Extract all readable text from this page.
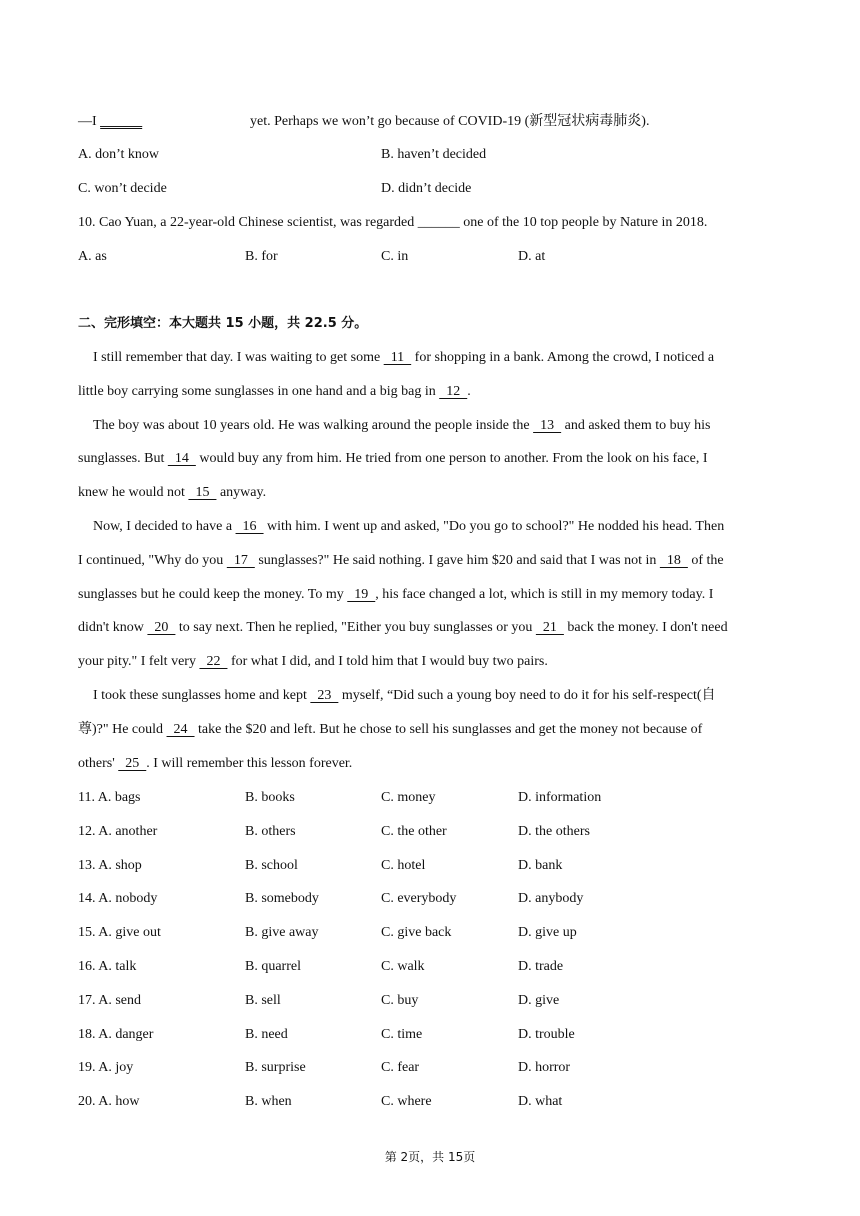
—I ______	yet. Perhaps we won’t go because of COVID-19 (新型冠状病毒肺炎).
A. don’t know	B. haven’t decided
C. won’t decide	D. didn’t decide
10. Cao Yuan, a 22-year-old Chinese scientist, was regarded ______ one of the 10 top people by Nature in 2018.
A. as	B. for	C. in	D. at
二、完形填空：本大题共 15 小题，共 22.5 分。
I still remember that day. I was waiting to get some   11   for shopping in a bank. Among the crowd, I noticed a
little boy carrying some sunglasses in one hand and a big bag in   12  .
The boy was about 10 years old. He was walking around the people inside the   13   and asked them to buy his
sunglasses. But   14   would buy any from him. He tried from one person to another. From the look on his face, I
knew he would not   15   anyway.
Now, I decided to have a   16   with him. I went up and asked, "Do you go to school?" He nodded his head. Then
I continued, "Why do you   17   sunglasses?" He said nothing. I gave him $20 and said that I was not in   18   of the
sunglasses but he could keep the money. To my   19  , his face changed a lot, which is still in my memory today. I
didn't know   20   to say next. Then he replied, "Either you buy sunglasses or you   21   back the money. I don't need
your pity." I felt very   22   for what I did, and I told him that I would buy two pairs.
I took these sunglasses home and kept   23   myself, “Did such a young boy need to do it for his self-respect(自
尊)?" He could   24   take the $20 and left. But he chose to sell his sunglasses and get the money not because of
others'   25  . I will remember this lesson forever.
11. A. bags	B. books	C. money	D. information
12. A. another	B. others	C. the other	D. the others
13. A. shop	B. school	C. hotel	D. bank
14. A. nobody	B. somebody	C. everybody	D. anybody
15. A. give out	B. give away	C. give back	D. give up
16. A. talk	B. quarrel	C. walk	D. trade
17. A. send	B. sell	C. buy	D. give
18. A. danger	B. need	C. time	D. trouble
19. A. joy	B. surprise	C. fear	D. horror
20. A. how	B. when	C. where	D. what
第 2页，共 15页
